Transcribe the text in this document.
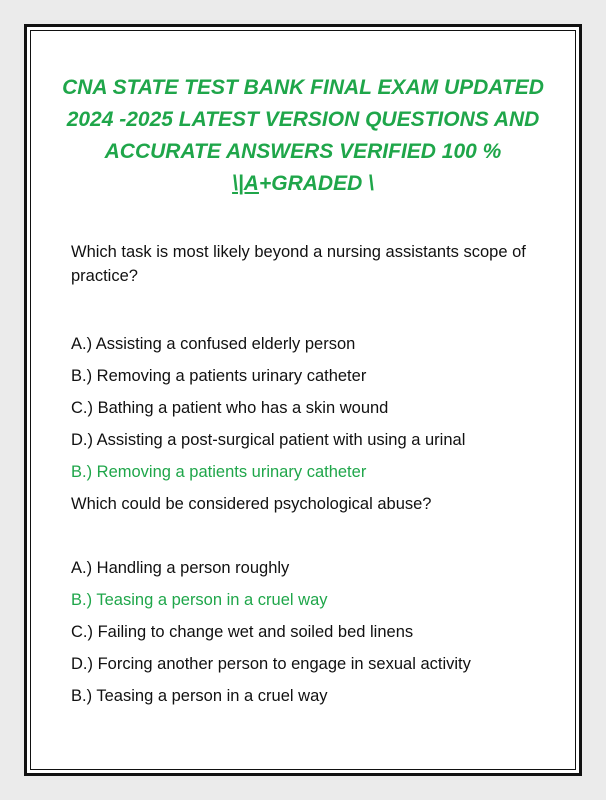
CNA STATE TEST BANK FINAL EXAM UPDATED
2024 -2025 LATEST VERSION QUESTIONS AND
ACCURATE ANSWERS VERIFIED 100 %
\|A+GRADED \

Which task is most likely beyond a nursing assistants scope of practice?

A.) Assisting a confused elderly person

B.) Removing a patients urinary catheter

C.) Bathing a patient who has a skin wound

D.) Assisting a post-surgical patient with using a urinal

B.) Removing a patients urinary catheter

Which could be considered psychological abuse?

A.) Handling a person roughly

B.) Teasing a person in a cruel way

C.) Failing to change wet and soiled bed linens

D.) Forcing another person to engage in sexual activity

B.) Teasing a person in a cruel way
